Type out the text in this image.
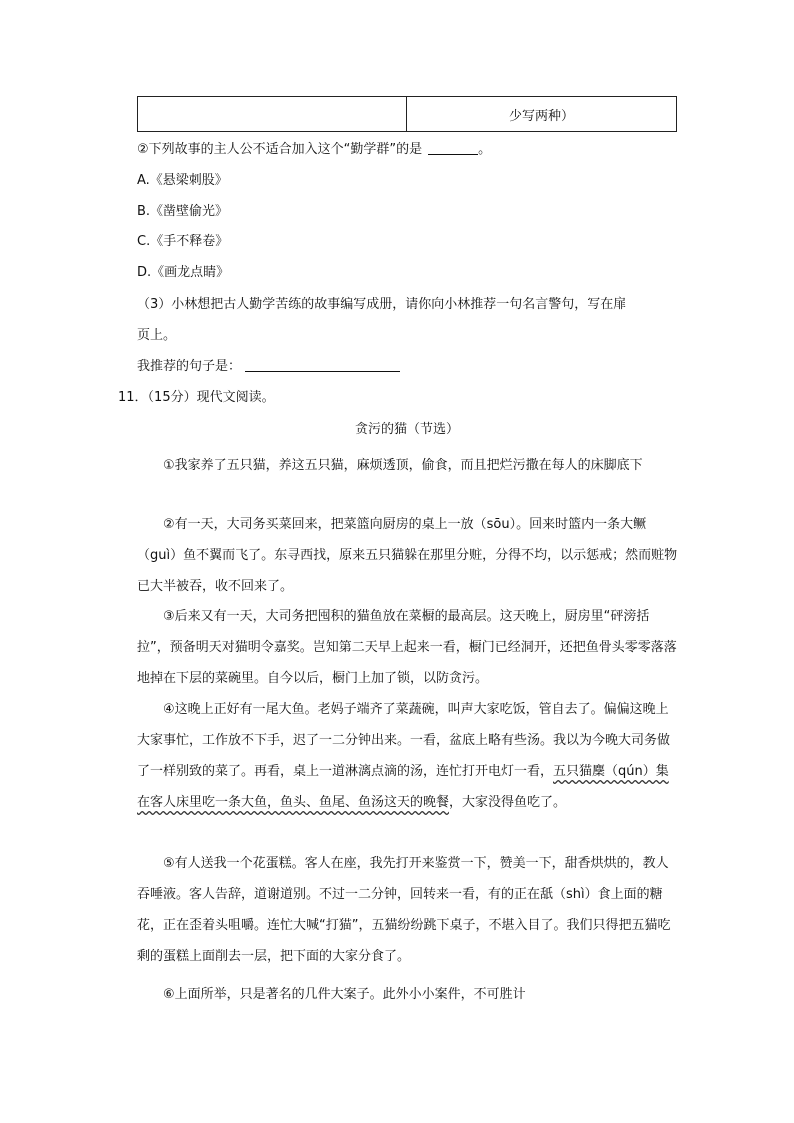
	少写两种）
②下列故事的主人公不适合加入这个“勤学群”的是	。
A.《悬梁刺股》
B.《凿壁偷光》
C.《手不释卷》
D.《画龙点睛》
（3）小林想把古人勤学苦练的故事编写成册，请你向小林推荐一句名言警句，写在扉
页上。
我推荐的句子是：
11．（15分）现代文阅读。
贪污的猫（节选）
①我家养了五只猫，养这五只猫，麻烦透顶，偷食，而且把烂污撒在每人的床脚底下
②有一天，大司务买菜回来，把菜篮向厨房的桌上一放（sōu）。回来时篮内一条大鳜（guì）鱼不翼而飞了。东寻西找，原来五只猫躲在那里分赃，分得不均，以示惩戒；然而赃物已大半被吞，收不回来了。
③后来又有一天，大司务把囤积的猫鱼放在菜橱的最高层。这天晚上，厨房里“砰滂括拉”，预备明天对猫明令嘉奖。岂知第二天早上起来一看，橱门已经洞开，还把鱼骨头零零落落地掉在下层的菜碗里。自今以后，橱门上加了锁，以防贪污。
④这晚上正好有一尾大鱼。老妈子端齐了菜蔬碗，叫声大家吃饭，管自去了。偏偏这晚上大家事忙，工作放不下手，迟了一二分钟出来。一看，盆底上略有些汤。我以为今晚大司务做了一样别致的菜了。再看，桌上一道淋漓点滴的汤，连忙打开电灯一看，五只猫麇（qún）集在客人床里吃一条大鱼，鱼头、鱼尾、鱼汤这天的晚餐，大家没得鱼吃了。
⑤有人送我一个花蛋糕。客人在座，我先打开来鉴赏一下，赞美一下，甜香烘烘的，教人吞唾液。客人告辞，道谢道别。不过一二分钟，回转来一看，有的正在舐（shì）食上面的糖花，正在歪着头咀嚼。连忙大喊“打猫”，五猫纷纷跳下桌子，不堪入目了。我们只得把五猫吃剩的蛋糕上面削去一层，把下面的大家分食了。
⑥上面所举，只是著名的几件大案子。此外小小案件，不可胜计
